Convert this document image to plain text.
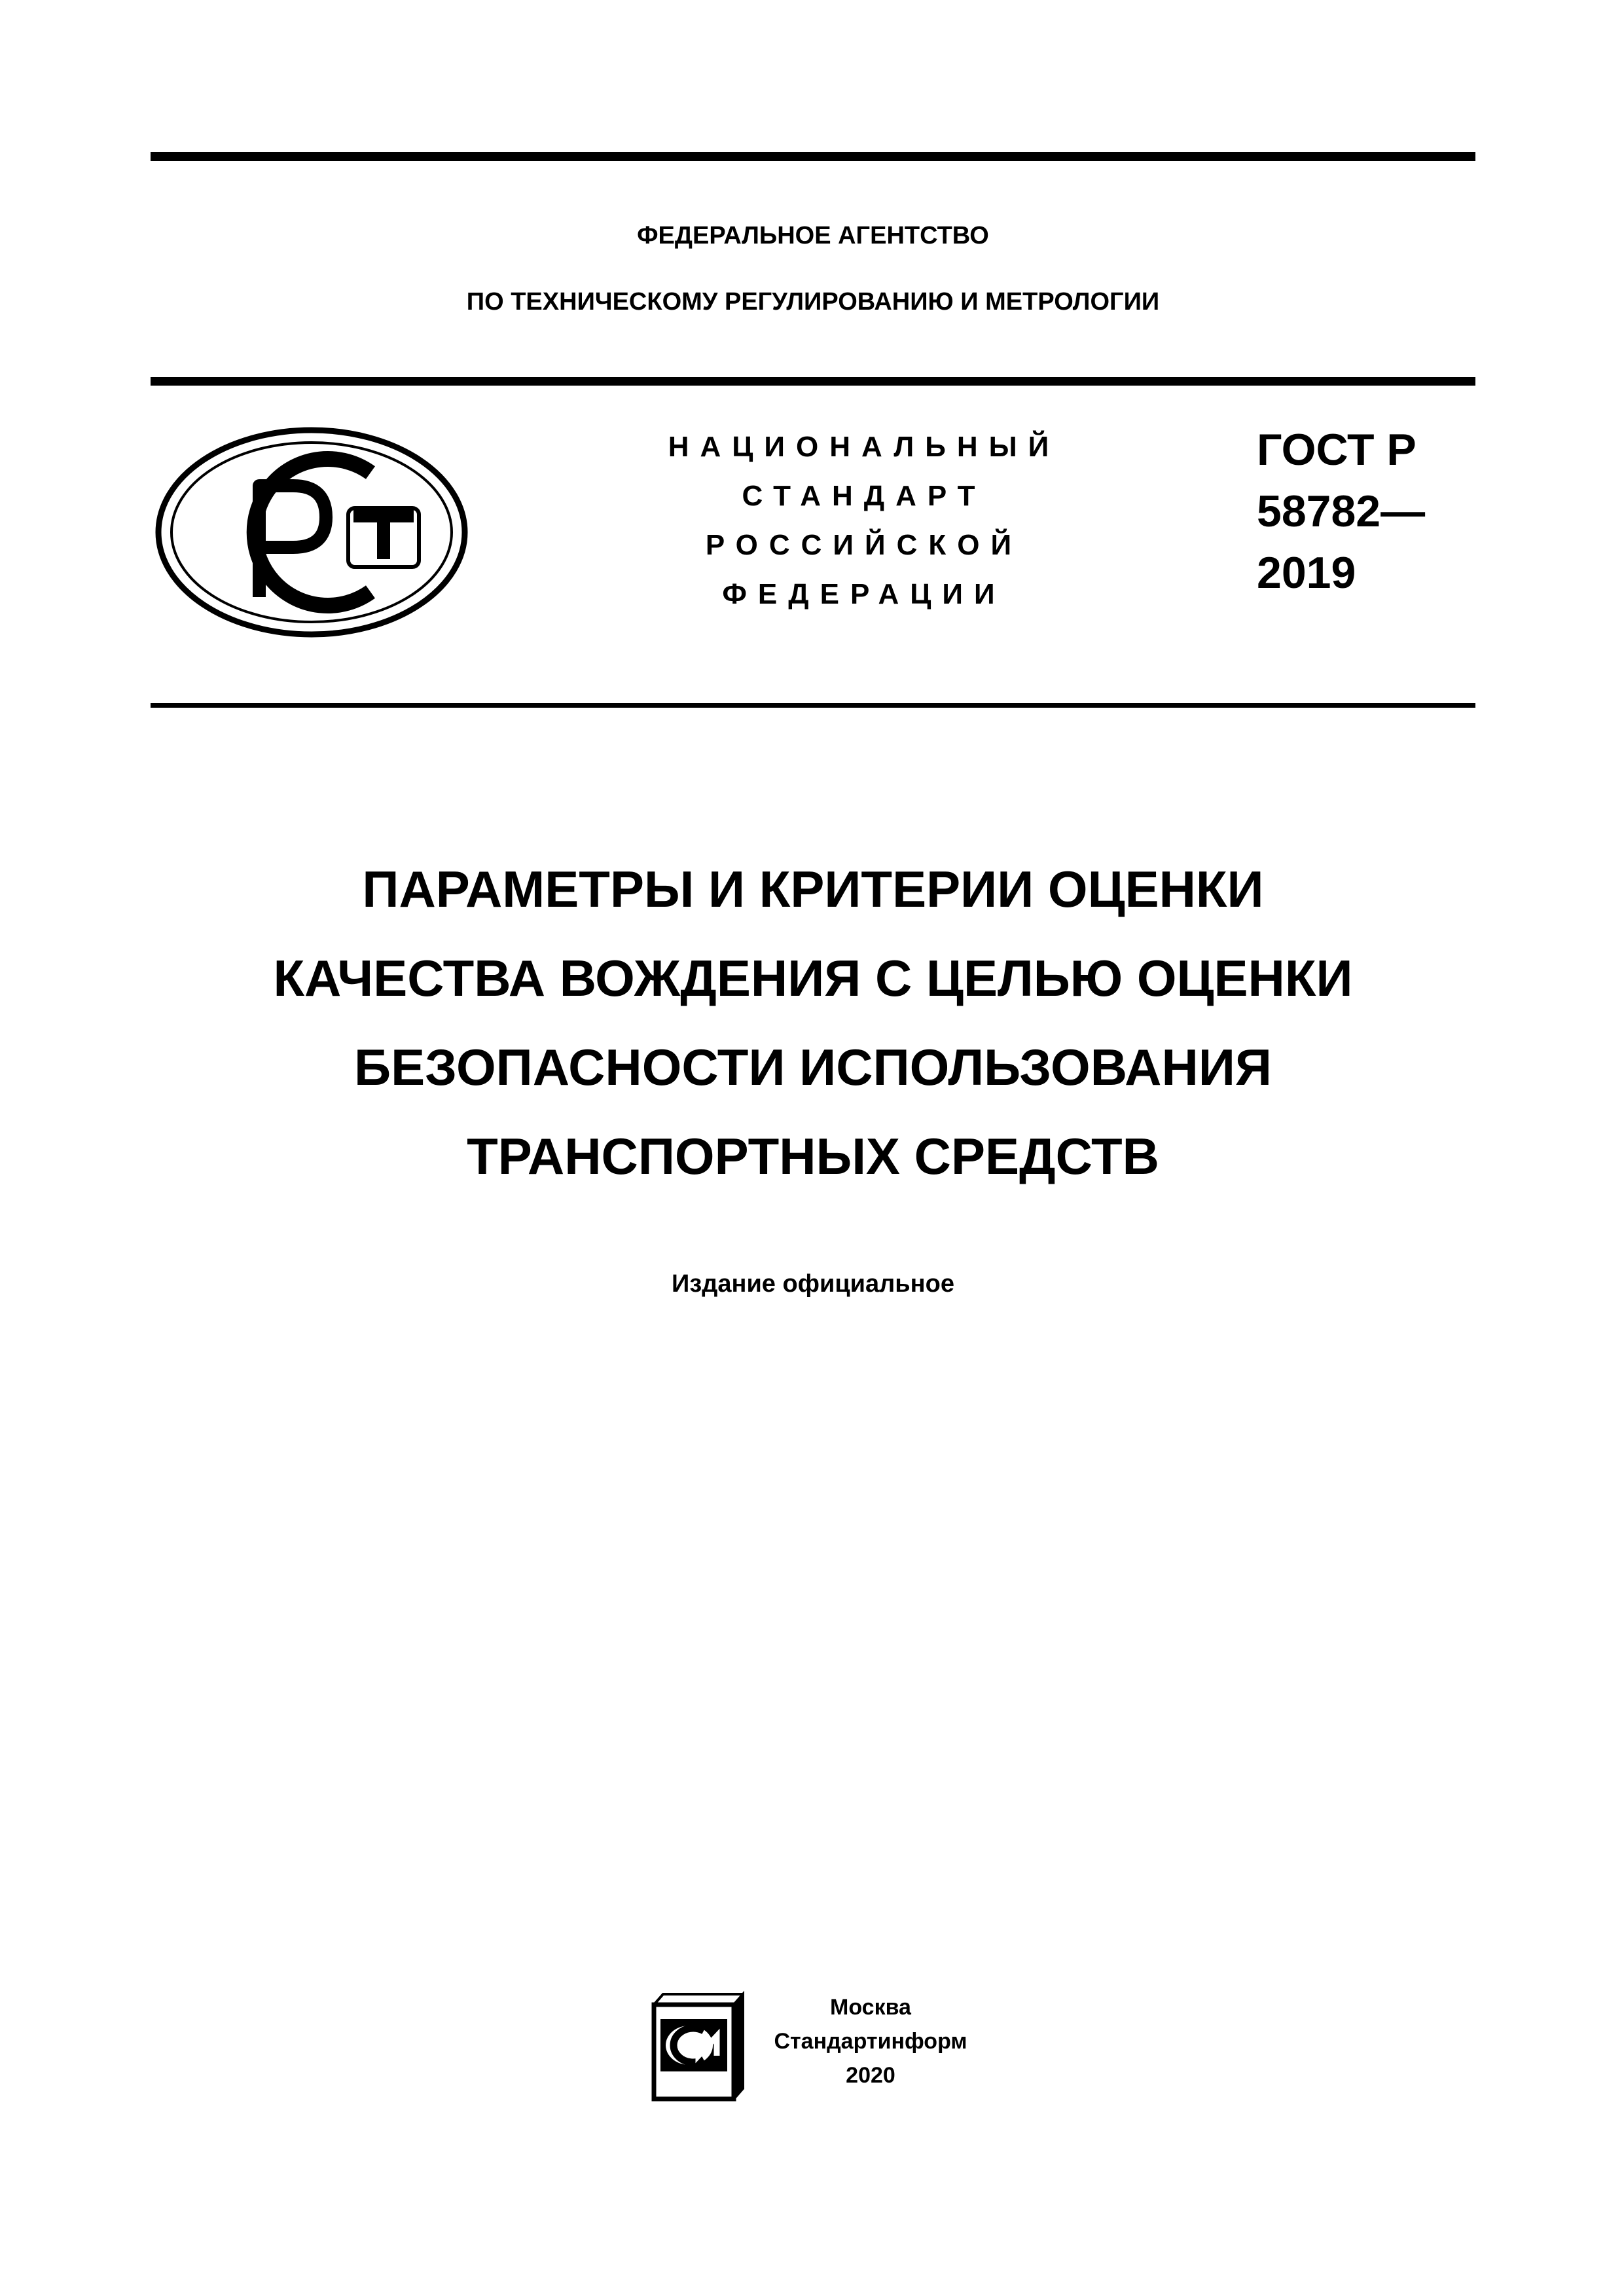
ФЕДЕРАЛЬНОЕ АГЕНТСТВО
ПО ТЕХНИЧЕСКОМУ РЕГУЛИРОВАНИЮ И МЕТРОЛОГИИ
НАЦИОНАЛЬНЫЙ
СТАНДАРТ
РОССИЙСКОЙ
ФЕДЕРАЦИИ
ГОСТ Р
58782—
2019
ПАРАМЕТРЫ И КРИТЕРИИ ОЦЕНКИ
КАЧЕСТВА ВОЖДЕНИЯ С ЦЕЛЬЮ ОЦЕНКИ
БЕЗОПАСНОСТИ ИСПОЛЬЗОВАНИЯ
ТРАНСПОРТНЫХ СРЕДСТВ
Издание официальное
Москва
Стандартинформ
2020
